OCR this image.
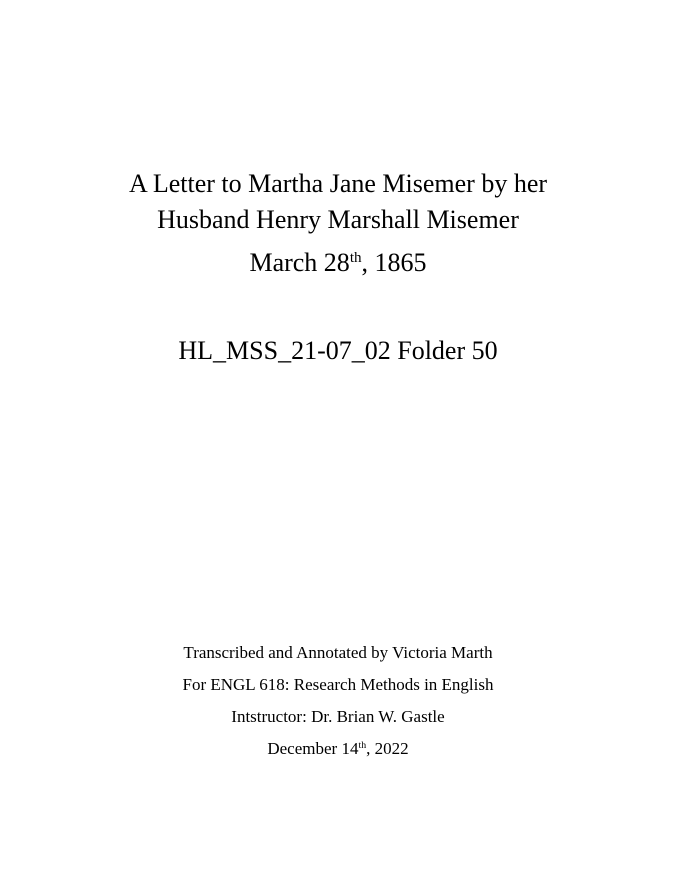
A Letter to Martha Jane Misemer by her
Husband Henry Marshall Misemer
March 28th, 1865
HL_MSS_21-07_02 Folder 50
Transcribed and Annotated by Victoria Marth
For ENGL 618: Research Methods in English
Intstructor: Dr. Brian W. Gastle
December 14th, 2022
